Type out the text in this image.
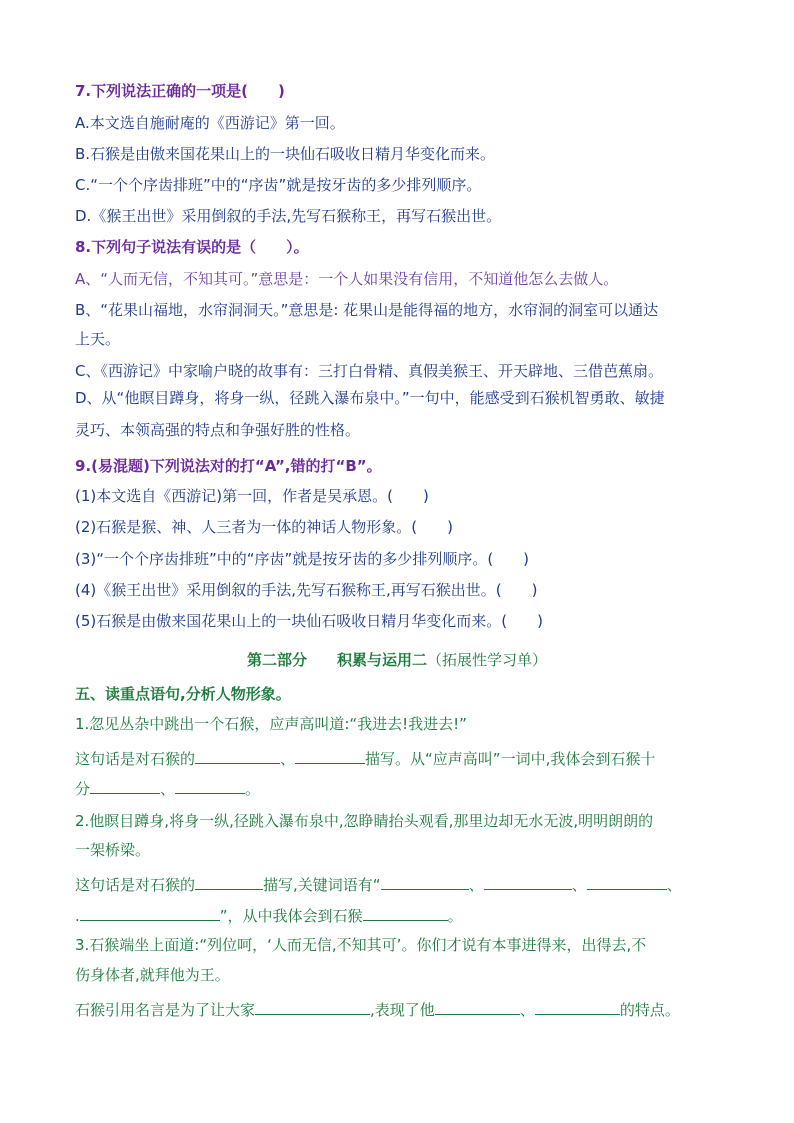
7.下列说法正确的一项是(　　)
A.本文选自施耐庵的《西游记》第一回。
B.石猴是由傲来国花果山上的一块仙石吸收日精月华变化而来。
C.“一个个序齿排班”中的“序齿”就是按牙齿的多少排列顺序。
D.《猴王出世》采用倒叙的手法,先写石猴称王，再写石猴出世。
8.下列句子说法有误的是（　　）。
A、“人而无信，不知其可。”意思是：一个人如果没有信用，不知道他怎么去做人。
B、“花果山福地，水帘洞洞天。”意思是: 花果山是能得福的地方，水帘洞的洞室可以通达
上天。
C、《西游记》中家喻户晓的故事有：三打白骨精、真假美猴王、开天辟地、三借芭蕉扇。
D、从“他瞑目蹲身，将身一纵，径跳入瀑布泉中。”一句中，能感受到石猴机智勇敢、敏捷
灵巧、本领高强的特点和争强好胜的性格。
9.(易混题)下列说法对的打“A”,错的打“B”。
(1)本文选自《西游记)第一回，作者是吴承恩。(　　)
(2)石猴是猴、神、人三者为一体的神话人物形象。(　　)
(3)“一个个序齿排班”中的“序齿”就是按牙齿的多少排列顺序。(　　)
(4)《猴王出世》采用倒叙的手法,先写石猴称王,再写石猴出世。(　　)
(5)石猴是由傲来国花果山上的一块仙石吸收日精月华变化而来。(　　)
第二部分　　积累与运用二（拓展性学习单）
五、读重点语句,分析人物形象。
1.忽见丛杂中跳出一个石猴，应声高叫道:“我进去!我进去!”
这句话是对石猴的	、	描写。从“应声高叫”一词中,我体会到石猴十
分	、	。
2.他瞑目蹲身,将身一纵,径跳入瀑布泉中,忽睁睛抬头观看,那里边却无水无波,明明朗朗的
一架桥梁。
这句话是对石猴的	描写,关键词语有“	、	、	、
.	”，从中我体会到石猴	。
3.石猴端坐上面道:“列位呵，‘人而无信,不知其可’。你们才说有本事进得来，出得去,不
伤身体者,就拜他为王。
石猴引用名言是为了让大家	,表现了他	、	的特点。
